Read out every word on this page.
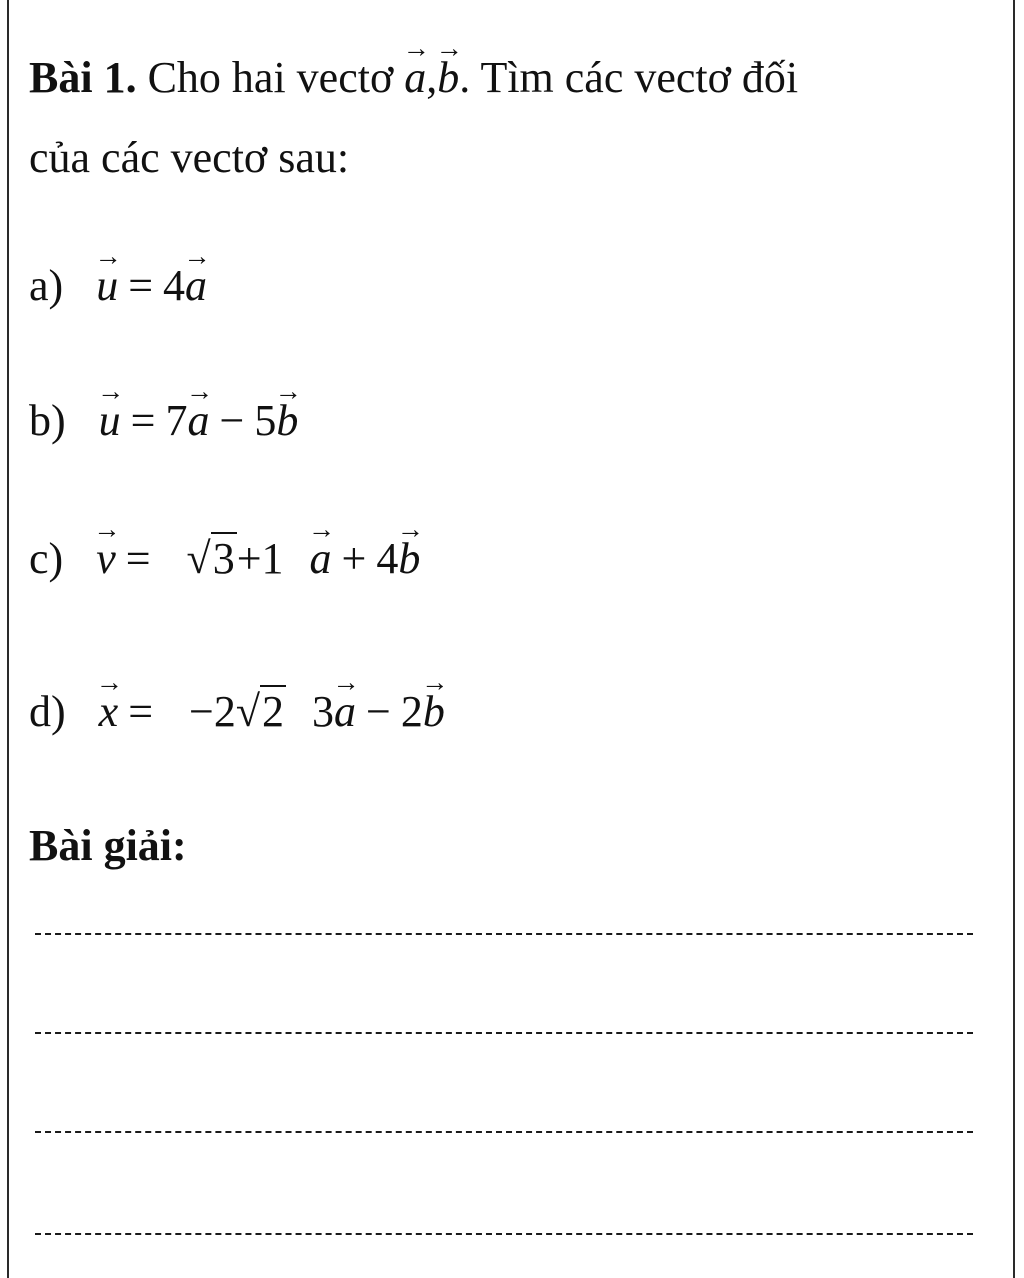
Bài 1. Cho hai vectơ → a,→ b. Tìm các vectơ đối
của các vectơ sau:
a) → u = 4→ a
b) → u = 7→ a − 5→ b
c) → v = √3+1 → a + 4→ b
d) → x = −2√2 3→ a − 2→ b
Bài giải:
